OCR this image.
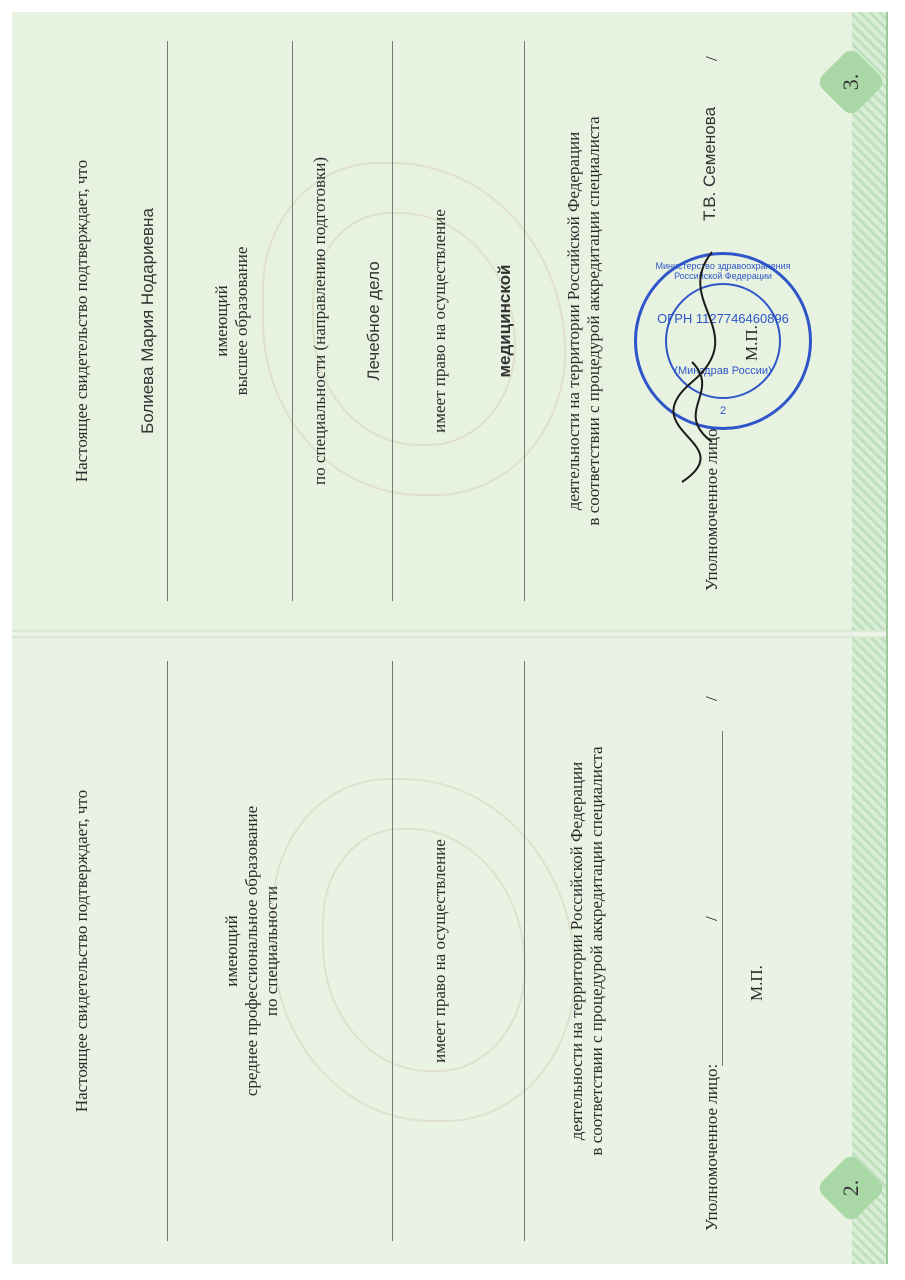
3.
Настоящее свидетельство подтверждает, что	Болиева Мария Нодариевна	имеющий высшее образование	по специальности (направлению подготовки) Лечебное дело	имеет право на осуществление	медицинской	деятельности на территории Российской Федерации в соответствии с процедурой аккредитации специалиста	Уполномоченное лицо
Т.В. Семенова
/
М.П.
Министерство здравоохранения Российской Федерации
ОГРН 1127746460896
(Минздрав России)
2
2.
Настоящее свидетельство подтверждает, что	имеющий среднее профессиональное образование по специальности	имеет право на осуществление	деятельности на территории Российской Федерации в соответствии с процедурой аккредитации специалиста	Уполномоченное лицо:
/
/
М.П.
